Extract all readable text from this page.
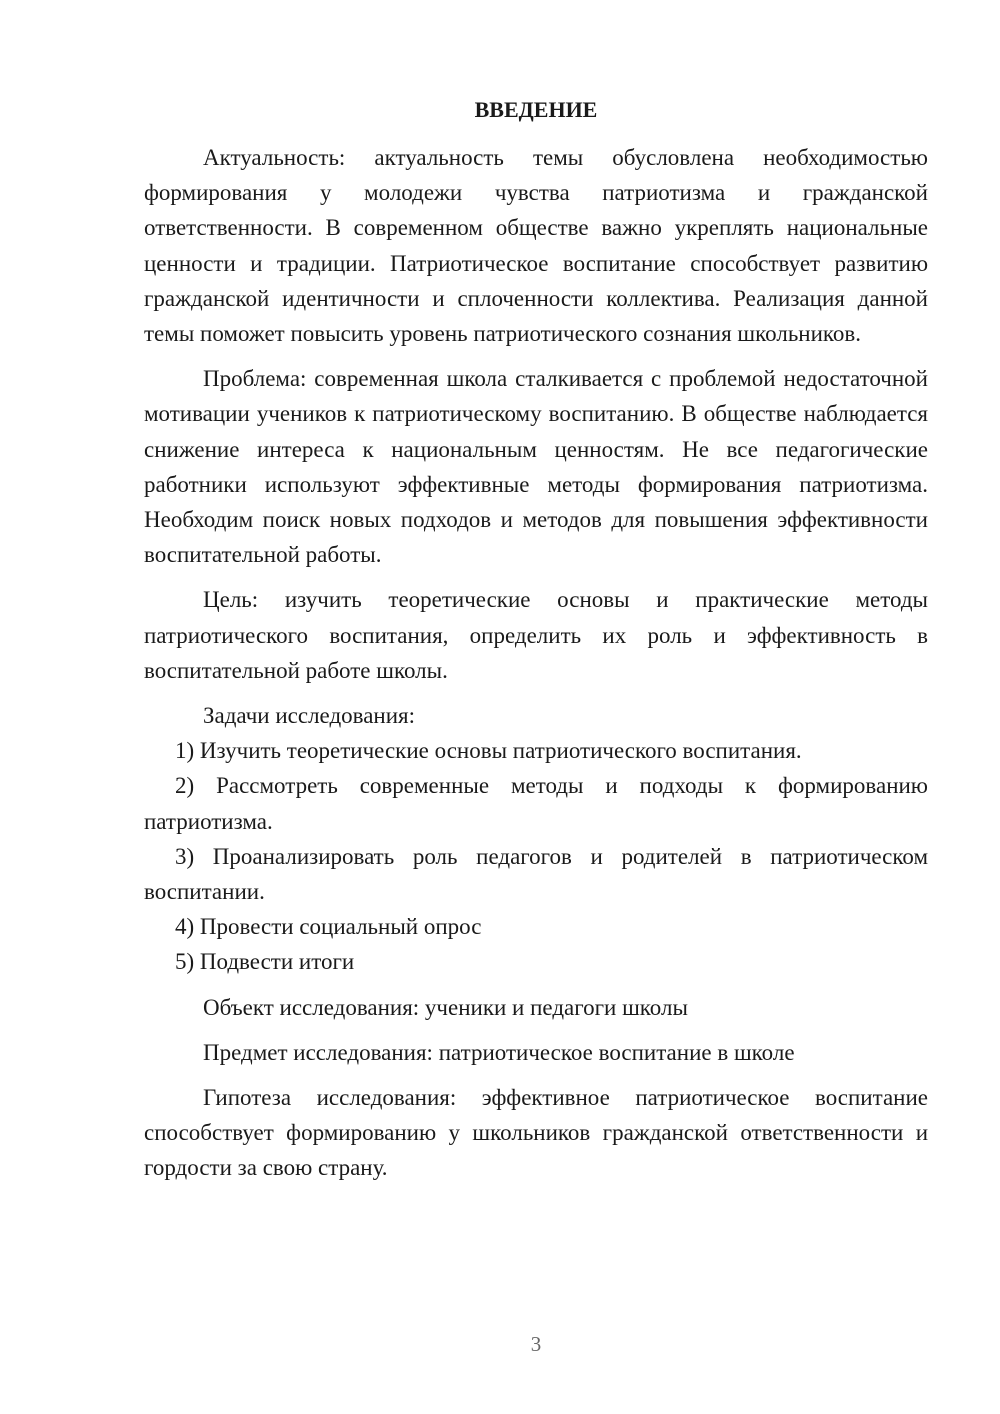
ВВЕДЕНИЕ

Актуальность: актуальность темы обусловлена необходимостью формирования у молодежи чувства патриотизма и гражданской ответственности. В современном обществе важно укреплять национальные ценности и традиции. Патриотическое воспитание способствует развитию гражданской идентичности и сплоченности коллектива. Реализация данной темы поможет повысить уровень патриотического сознания школьников.

Проблема: современная школа сталкивается с проблемой недостаточной мотивации учеников к патриотическому воспитанию. В обществе наблюдается снижение интереса к национальным ценностям. Не все педагогические работники используют эффективные методы формирования патриотизма. Необходим поиск новых подходов и методов для повышения эффективности воспитательной работы.

Цель: изучить теоретические основы и практические методы патриотического воспитания, определить их роль и эффективность в воспитательной работе школы.

Задачи исследования:

1) Изучить теоретические основы патриотического воспитания.

2) Рассмотреть современные методы и подходы к формированию патриотизма.

3) Проанализировать роль педагогов и родителей в патриотическом воспитании.

4) Провести социальный опрос

5) Подвести итоги

Объект исследования: ученики и педагоги школы

Предмет исследования: патриотическое воспитание в школе

Гипотеза исследования: эффективное патриотическое воспитание способствует формированию у школьников гражданской ответственности и гордости за свою страну.

3
